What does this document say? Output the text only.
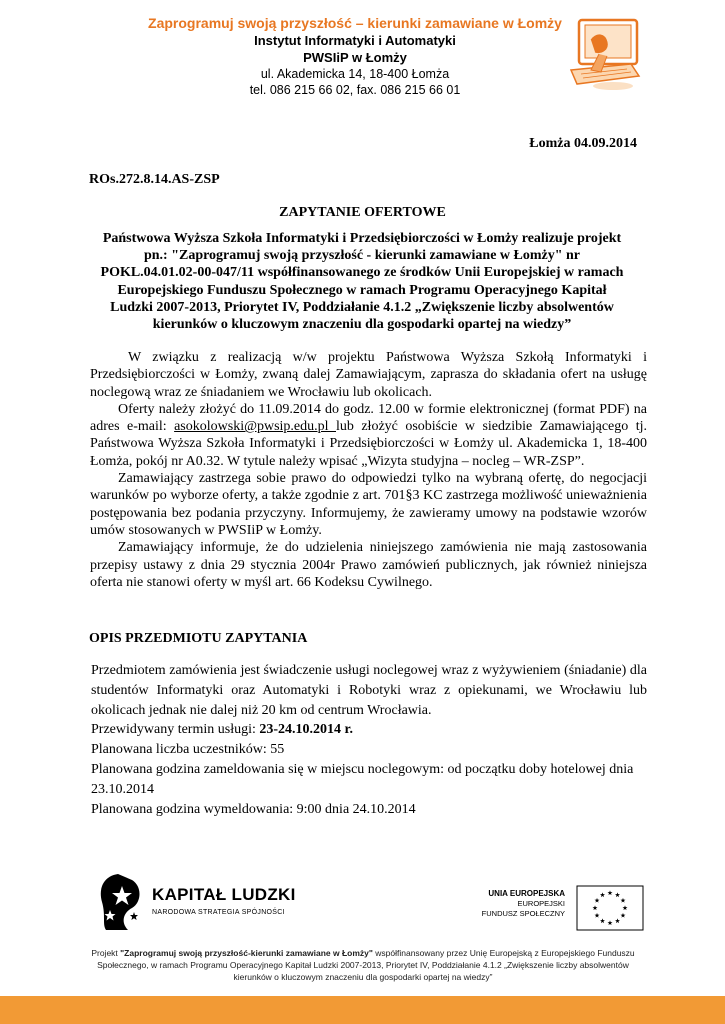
Zaprogramuj swoją przyszłość – kierunki zamawiane w Łomży
Instytut Informatyki i Automatyki
PWSIiP w Łomży
ul. Akademicka 14, 18-400 Łomża
tel. 086 215 66 02, fax. 086 215 66 01
Łomża 04.09.2014
ROs.272.8.14.AS-ZSP
ZAPYTANIE OFERTOWE
Państwowa Wyższa Szkoła Informatyki i Przedsiębiorczości w Łomży realizuje projekt
pn.: "Zaprogramuj swoją przyszłość - kierunki zamawiane w Łomży" nr
POKL.04.01.02-00-047/11 współfinansowanego ze środków Unii Europejskiej w ramach
Europejskiego Funduszu Społecznego w ramach Programu Operacyjnego Kapitał
Ludzki 2007-2013, Priorytet IV, Poddziałanie 4.1.2 „Zwiększenie liczby absolwentów
kierunków o kluczowym znaczeniu dla gospodarki opartej na wiedzy”

W związku z realizacją w/w projektu Państwowa Wyższa Szkołą Informatyki i Przedsiębiorczości w Łomży, zwaną dalej Zamawiającym, zaprasza do składania ofert na usługę noclegową wraz ze śniadaniem we Wrocławiu lub okolicach.

Oferty należy złożyć do 11.09.2014 do godz. 12.00 w formie elektronicznej (format PDF) na adres e-mail: asokolowski@pwsip.edu.pl lub złożyć osobiście w siedzibie Zamawiającego tj. Państwowa Wyższa Szkoła Informatyki i Przedsiębiorczości w Łomży ul. Akademicka 1, 18-400 Łomża, pokój nr A0.32. W tytule należy wpisać „Wizyta studyjna – nocleg – WR-ZSP”.

Zamawiający zastrzega sobie prawo do odpowiedzi tylko na wybraną ofertę, do negocjacji warunków po wyborze oferty, a także zgodnie z art. 701§3 KC zastrzega możliwość unieważnienia postępowania bez podania przyczyny. Informujemy, że zawieramy umowy na podstawie wzorów umów stosowanych w PWSIiP w Łomży.

Zamawiający informuje, że do udzielenia niniejszego zamówienia nie mają zastosowania przepisy ustawy z dnia 29 stycznia 2004r Prawo zamówień publicznych, jak również niniejsza oferta nie stanowi oferty w myśl art. 66 Kodeksu Cywilnego.

OPIS PRZEDMIOTU ZAPYTANIA

Przedmiotem zamówienia jest świadczenie usługi noclegowej wraz z wyżywieniem (śniadanie) dla studentów Informatyki oraz Automatyki i Robotyki wraz z opiekunami, we Wrocławiu lub okolicach jednak nie dalej niż 20 km od centrum Wrocławia.

Przewidywany termin usługi: 23-24.10.2014 r.

Planowana liczba uczestników: 55

Planowana godzina zameldowania się w miejscu noclegowym: od początku doby hotelowej dnia 23.10.2014

Planowana godzina wymeldowania: 9:00 dnia 24.10.2014

KAPITAŁ LUDZKI
NARODOWA STRATEGIA SPÓJNOŚCI
UNIA EUROPEJSKA
EUROPEJSKI
FUNDUSZ SPOŁECZNY
Projekt "Zaprogramuj swoją przyszłość-kierunki zamawiane w Łomży" współfinansowany przez Unię Europejską z Europejskiego Funduszu Społecznego, w ramach Programu Operacyjnego Kapitał Ludzki 2007-2013, Priorytet IV, Poddziałanie 4.1.2 „Zwiększenie liczby absolwentów kierunków o kluczowym znaczeniu dla gospodarki opartej na wiedzy”
